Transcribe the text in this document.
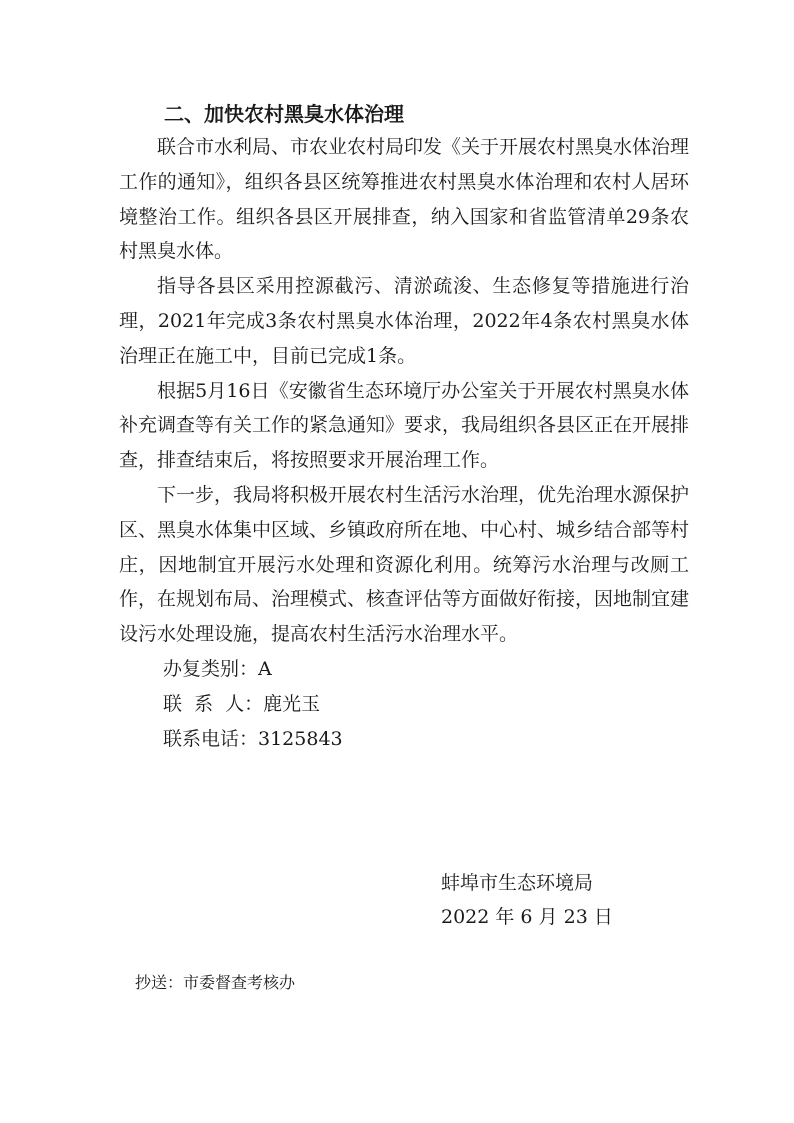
二、加快农村黑臭水体治理

联合市水利局、市农业农村局印发《关于开展农村黑臭水体治理工作的通知》，组织各县区统筹推进农村黑臭水体治理和农村人居环境整治工作。组织各县区开展排查，纳入国家和省监管清单29条农村黑臭水体。

指导各县区采用控源截污、清淤疏浚、生态修复等措施进行治理，2021年完成3条农村黑臭水体治理，2022年4条农村黑臭水体治理正在施工中，目前已完成1条。

根据5月16日《安徽省生态环境厅办公室关于开展农村黑臭水体补充调查等有关工作的紧急通知》要求，我局组织各县区正在开展排查，排查结束后，将按照要求开展治理工作。

下一步，我局将积极开展农村生活污水治理，优先治理水源保护区、黑臭水体集中区域、乡镇政府所在地、中心村、城乡结合部等村庄，因地制宜开展污水处理和资源化利用。统筹污水治理与改厕工作，在规划布局、治理模式、核查评估等方面做好衔接，因地制宜建设污水处理设施，提高农村生活污水治理水平。

办复类别：A

联  系  人：鹿光玉

联系电话：3125843

蚌埠市生态环境局
2022 年 6 月 23 日
抄送：市委督查考核办
